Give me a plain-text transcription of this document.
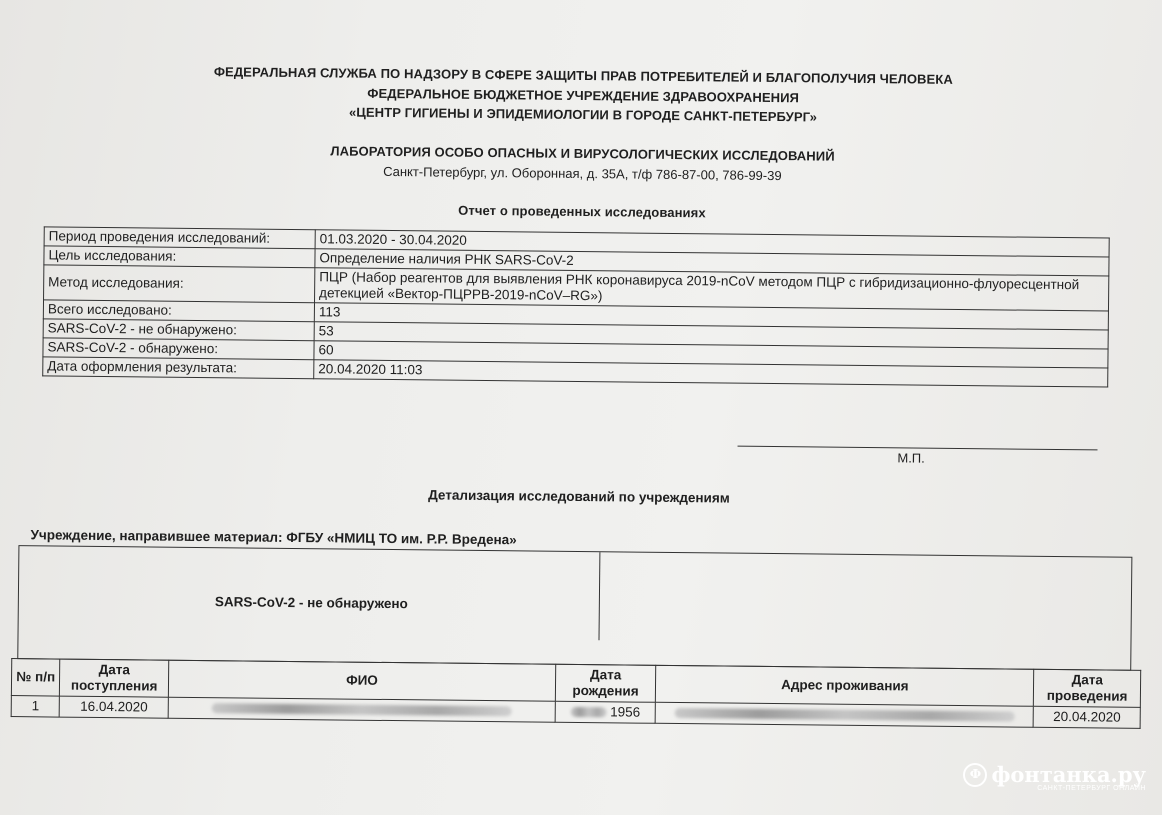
ФЕДЕРАЛЬНАЯ СЛУЖБА ПО НАДЗОРУ В СФЕРЕ ЗАЩИТЫ ПРАВ ПОТРЕБИТЕЛЕЙ И БЛАГОПОЛУЧИЯ ЧЕЛОВЕКА
ФЕДЕРАЛЬНОЕ БЮДЖЕТНОЕ УЧРЕЖДЕНИЕ ЗДРАВООХРАНЕНИЯ
«ЦЕНТР ГИГИЕНЫ И ЭПИДЕМИОЛОГИИ В ГОРОДЕ САНКТ-ПЕТЕРБУРГ»
ЛАБОРАТОРИЯ ОСОБО ОПАСНЫХ И ВИРУСОЛОГИЧЕСКИХ ИССЛЕДОВАНИЙ
Санкт-Петербург, ул. Оборонная, д. 35А, т/ф 786-87-00, 786-99-39
Отчет о проведенных исследованиях
Период проведения исследований:	01.03.2020 - 30.04.2020
Цель исследования:	Определение наличия РНК SARS-CoV-2
Метод исследования:	ПЦР (Набор реагентов для выявления РНК коронавируса 2019-nCoV методом ПЦР с гибридизационно-флуоресцентной детекцией «Вектор-ПЦРРВ-2019-nCoV–RG»)
Всего исследовано:	113
SARS-CoV-2 - не обнаружено:	53
SARS-CoV-2 - обнаружено:	60
Дата оформления результата:	20.04.2020 11:03
М.П.
Детализация исследований по учреждениям
Учреждение, направившее материал: ФГБУ «НМИЦ ТО им. Р.Р. Вредена»
SARS-CoV-2 - не обнаружено
№ п/п	Дата поступления	ФИО	Дата рождения	Адрес проживания	Дата проведения
1	16.04.2020		1956		20.04.2020
Ф фонтанка.ру
САНКТ-ПЕТЕРБУРГ ОНЛАЙН
